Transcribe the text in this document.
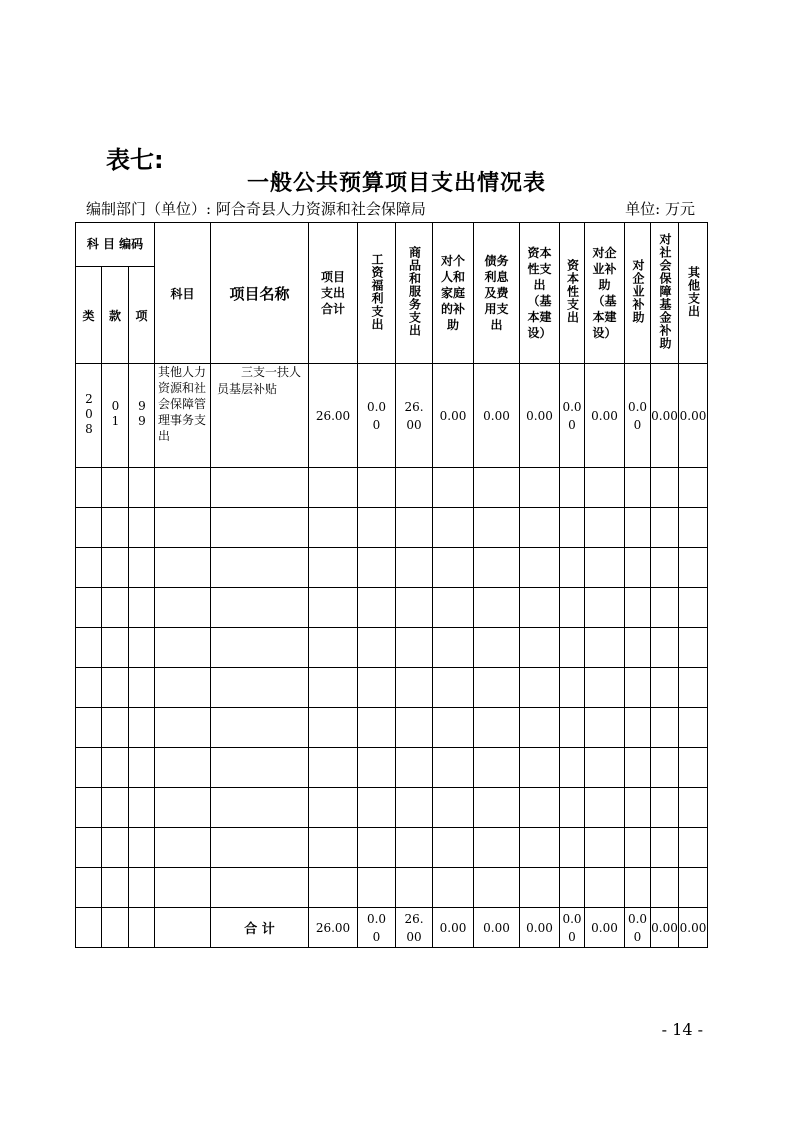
表七:
一般公共预算项目支出情况表
编制部门（单位）: 阿合奇县人力资源和社会保障局	单位: 万元
科 目 编码			科目	项目名称	项目支出合计	工资福利支出	商品和服务支出	对个人和家庭的补助	债务利息及费用支出	资本性支出（基本建设）	资本性支出	对企业补助（基本建设）	对企业补助	对社会保障基金补助	其他支出
类	款	项													
208	01	99	其他人力资源和社会保障管理事务支出	三支一扶人员基层补贴	26.00	0.00	26.00	0.00	0.00	0.00	0.00	0.00	0.00	0.00	0.00

				合 计	26.00	0.00	26.00	0.00	0.00	0.00	0.00	0.00	0.00	0.00	0.00
- 14 -
